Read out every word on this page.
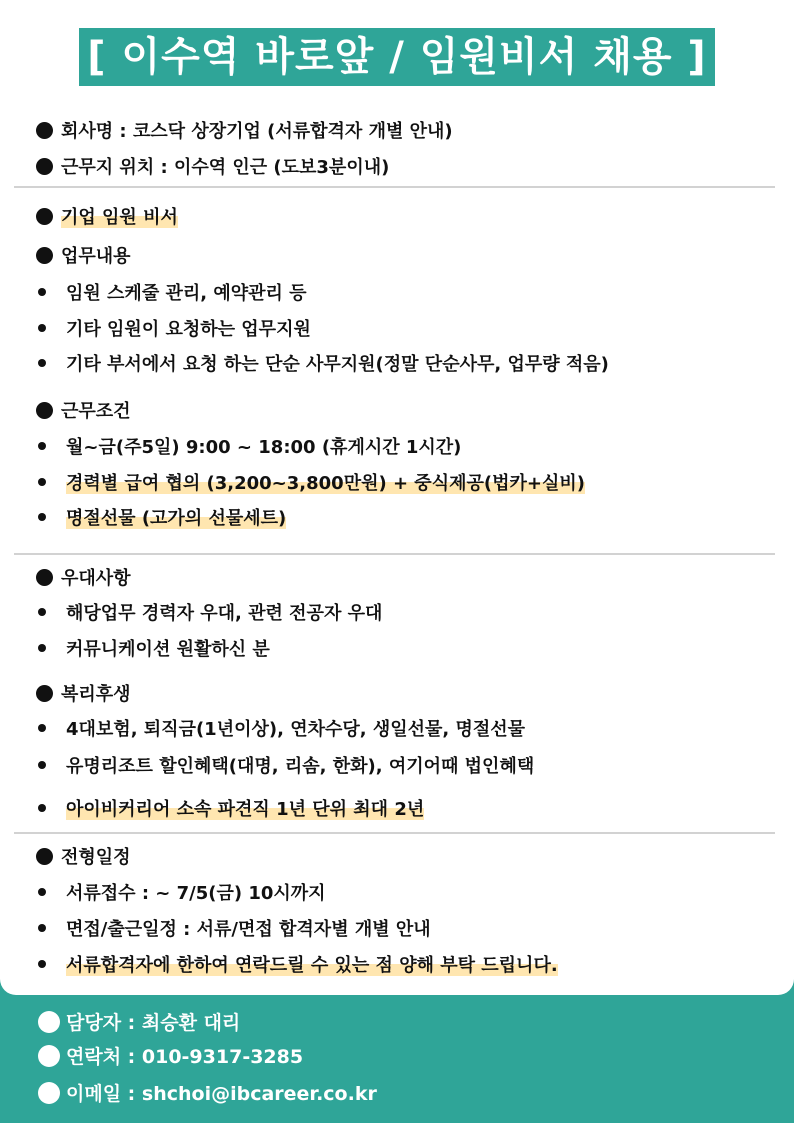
[ 이수역 바로앞 / 임원비서 채용 ]
회사명 : 코스닥 상장기업 (서류합격자 개별 안내)
근무지 위치 : 이수역 인근 (도보3분이내)
기업 임원 비서
업무내용
임원 스케줄 관리, 예약관리 등
기타 임원이 요청하는 업무지원
기타 부서에서 요청 하는 단순 사무지원(정말 단순사무, 업무량 적음)
근무조건
월~금(주5일) 9:00 ~ 18:00 (휴게시간 1시간)
경력별 급여 협의 (3,200~3,800만원) + 중식제공(법카+실비)
명절선물 (고가의 선물세트)
우대사항
해당업무 경력자 우대, 관련 전공자 우대
커뮤니케이션 원활하신 분
복리후생
4대보험, 퇴직금(1년이상), 연차수당, 생일선물, 명절선물
유명리조트 할인혜택(대명, 리솜, 한화), 여기어때 법인혜택
아이비커리어 소속 파견직 1년 단위 최대 2년
전형일정
서류접수 : ~ 7/5(금) 10시까지
면접/출근일정 : 서류/면접 합격자별 개별 안내
서류합격자에 한하여 연락드릴 수 있는 점 양해 부탁 드립니다.
담당자 : 최승환 대리
연락처 : 010-9317-3285
이메일 : shchoi@ibcareer.co.kr
